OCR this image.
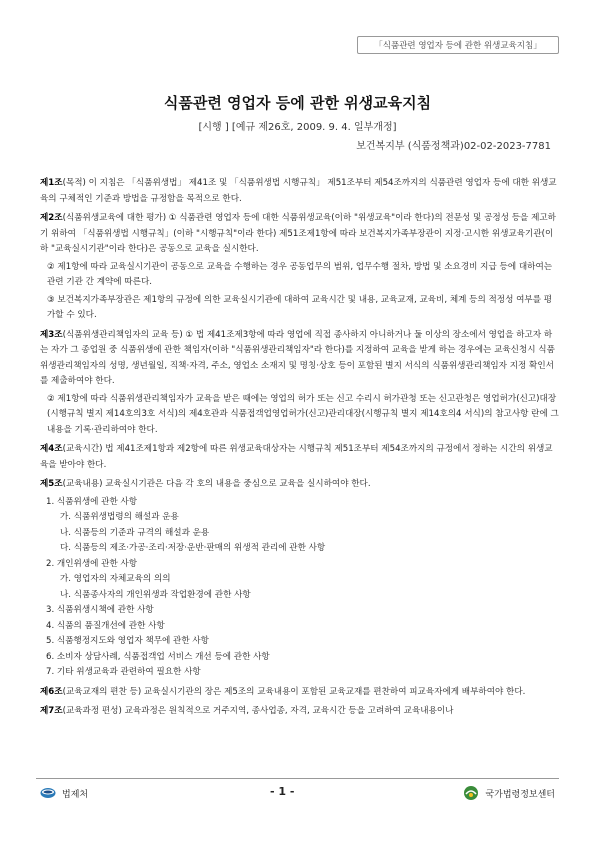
「식품관련 영업자 등에 관한 위생교육지침」
식품관련 영업자 등에 관한 위생교육지침
[시행 ] [예규 제26호, 2009. 9. 4. 일부개정]
보건복지부 (식품정책과)02-02-2023-7781

제1조(목적) 이 지침은 「식품위생법」 제41조 및 「식품위생법 시행규칙」 제51조부터 제54조까지의 식품관련 영업자 등에 대한 위생교육의 구체적인 기준과 방법을 규정함을 목적으로 한다.

제2조(식품위생교육에 대한 평가) ① 식품관련 영업자 등에 대한 식품위생교육(이하 "위생교육"이라 한다)의 전문성 및 공정성 등을 제고하기 위하여 「식품위생법 시행규칙」(이하 "시행규칙"이라 한다) 제51조제1항에 따라 보건복지가족부장관이 지정·고시한 위생교육기관(이하 "교육실시기관"이라 한다)은 공동으로 교육을 실시한다.

② 제1항에 따라 교육실시기관이 공동으로 교육을 수행하는 경우 공동업무의 범위, 업무수행 절차, 방법 및 소요경비 지급 등에 대하여는 관련 기관 간 계약에 따른다.

③ 보건복지가족부장관은 제1항의 규정에 의한 교육실시기관에 대하여 교육시간 및 내용, 교육교재, 교육비, 체계 등의 적정성 여부를 평가할 수 있다.

제3조(식품위생관리책임자의 교육 등) ① 법 제41조제3항에 따라 영업에 직접 종사하지 아니하거나 둘 이상의 장소에서 영업을 하고자 하는 자가 그 종업원 중 식품위생에 관한 책임자(이하 "식품위생관리책임자"라 한다)를 지정하여 교육을 받게 하는 경우에는 교육신청시 식품위생관리책임자의 성명, 생년월일, 직책·자격, 주소, 영업소 소재지 및 명칭·상호 등이 포함된 별지 서식의 식품위생관리책임자 지정 확인서를 제출하여야 한다.

② 제1항에 따라 식품위생관리책임자가 교육을 받은 때에는 영업의 허가 또는 신고 수리시 허가관청 또는 신고관청은 영업허가(신고)대장(시행규칙 별지 제14호의3호 서식)의 제4호관과 식품접객업영업허가(신고)관리대장(시행규칙 별지 제14호의4 서식)의 참고사항 란에 그 내용을 기록·관리하여야 한다.

제4조(교육시간) 법 제41조제1항과 제2항에 따른 위생교육대상자는 시행규칙 제51조부터 제54조까지의 규정에서 정하는 시간의 위생교육을 받아야 한다.

제5조(교육내용) 교육실시기관은 다음 각 호의 내용을 중심으로 교육을 실시하여야 한다.

1. 식품위생에 관한 사항

가. 식품위생법령의 해설과 운용

나. 식품등의 기준과 규격의 해설과 운용

다. 식품등의 제조·가공·조리·저장·운반·판매의 위생적 관리에 관한 사항

2. 개인위생에 관한 사항

가. 영업자의 자체교육의 의의

나. 식품종사자의 개인위생과 작업환경에 관한 사항

3. 식품위생시책에 관한 사항

4. 식품의 품질개선에 관한 사항

5. 식품행정지도와 영업자 책무에 관한 사항

6. 소비자 상담사례, 식품접객업 서비스 개선 등에 관한 사항

7. 기타 위생교육과 관련하여 필요한 사항

제6조(교육교재의 편찬 등) 교육실시기관의 장은 제5조의 교육내용이 포함된 교육교재를 편찬하여 피교육자에게 배부하여야 한다.

제7조(교육과정 편성) 교육과정은 원칙적으로 거주지역, 종사업종, 자격, 교육시간 등을 고려하여 교육내용이나

법제처	- 1 -	국가법령정보센터
